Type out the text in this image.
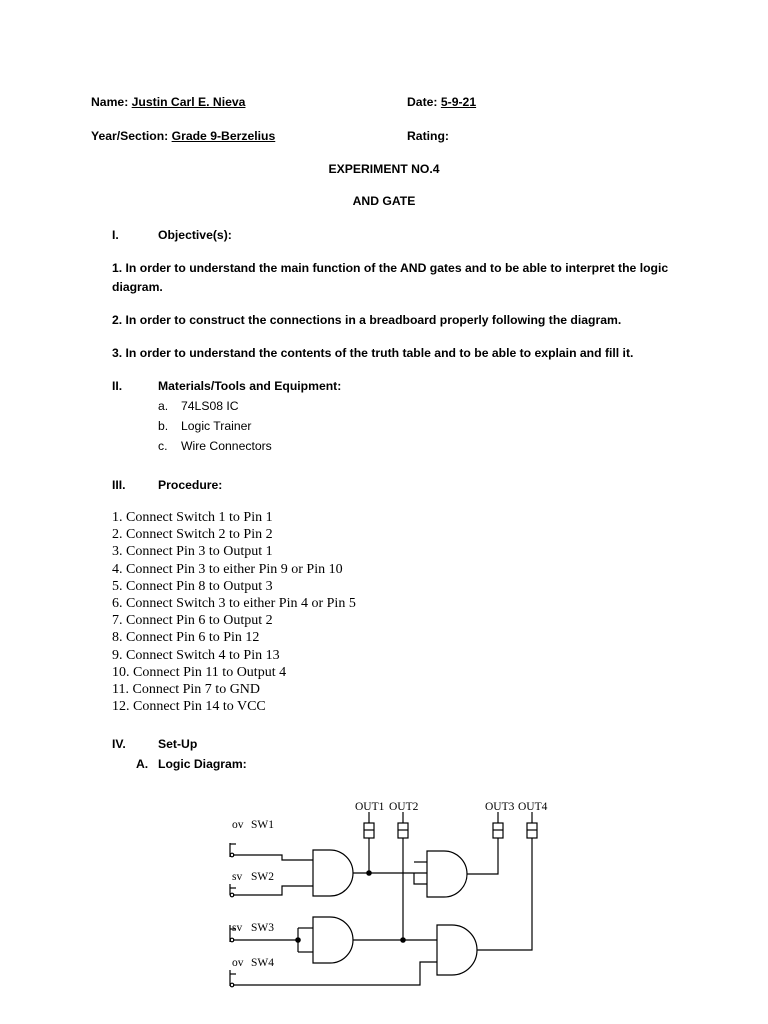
Name: Justin Carl E. Nieva	Date: 5-9-21
Year/Section: Grade 9-Berzelius	Rating:
EXPERIMENT NO.4
AND GATE
I.	Objective(s):
1. In order to understand the main function of the AND gates and to be able to interpret the logic
diagram.
2. In order to construct the connections in a breadboard properly following the diagram.
3. In order to understand the contents of the truth table and to be able to explain and fill it.
II.	Materials/Tools and Equipment:
a. 74LS08 IC
b. Logic Trainer
c. Wire Connectors
III.	Procedure:
1. Connect Switch 1 to Pin 1
2. Connect Switch 2 to Pin 2
3. Connect Pin 3 to Output 1
4. Connect Pin 3 to either Pin 9 or Pin 10
5. Connect Pin 8 to Output 3
6. Connect Switch 3 to either Pin 4 or Pin 5
7. Connect Pin 6 to Output 2
8. Connect Pin 6 to Pin 12
9. Connect Switch 4 to Pin 13
10. Connect Pin 11 to Output 4
11. Connect Pin 7 to GND
12. Connect Pin 14 to VCC
IV.	Set-Up
A. Logic Diagram:
OUT1 OUT2	OUT3 OUT4
ov SW1
sv SW2
sv SW3
ov SW4
